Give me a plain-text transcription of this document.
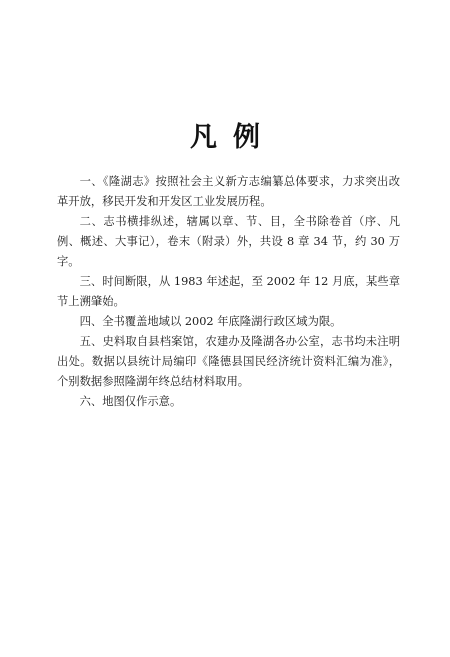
凡例

一、《隆湖志》按照社会主义新方志编纂总体要求，力求突出改革开放，移民开发和开发区工业发展历程。

二、志书横排纵述，辖属以章、节、目，全书除卷首（序、凡例、概述、大事记），卷末（附录）外，共设 8 章 34 节，约 30 万字。

三、时间断限，从 1983 年述起，至 2002 年 12 月底，某些章节上溯肇始。

四、全书覆盖地域以 2002 年底隆湖行政区域为限。

五、史料取自县档案馆，农建办及隆湖各办公室，志书均未注明出处。数据以县统计局编印《隆德县国民经济统计资料汇编为准》，个别数据参照隆湖年终总结材料取用。

六、地图仅作示意。
